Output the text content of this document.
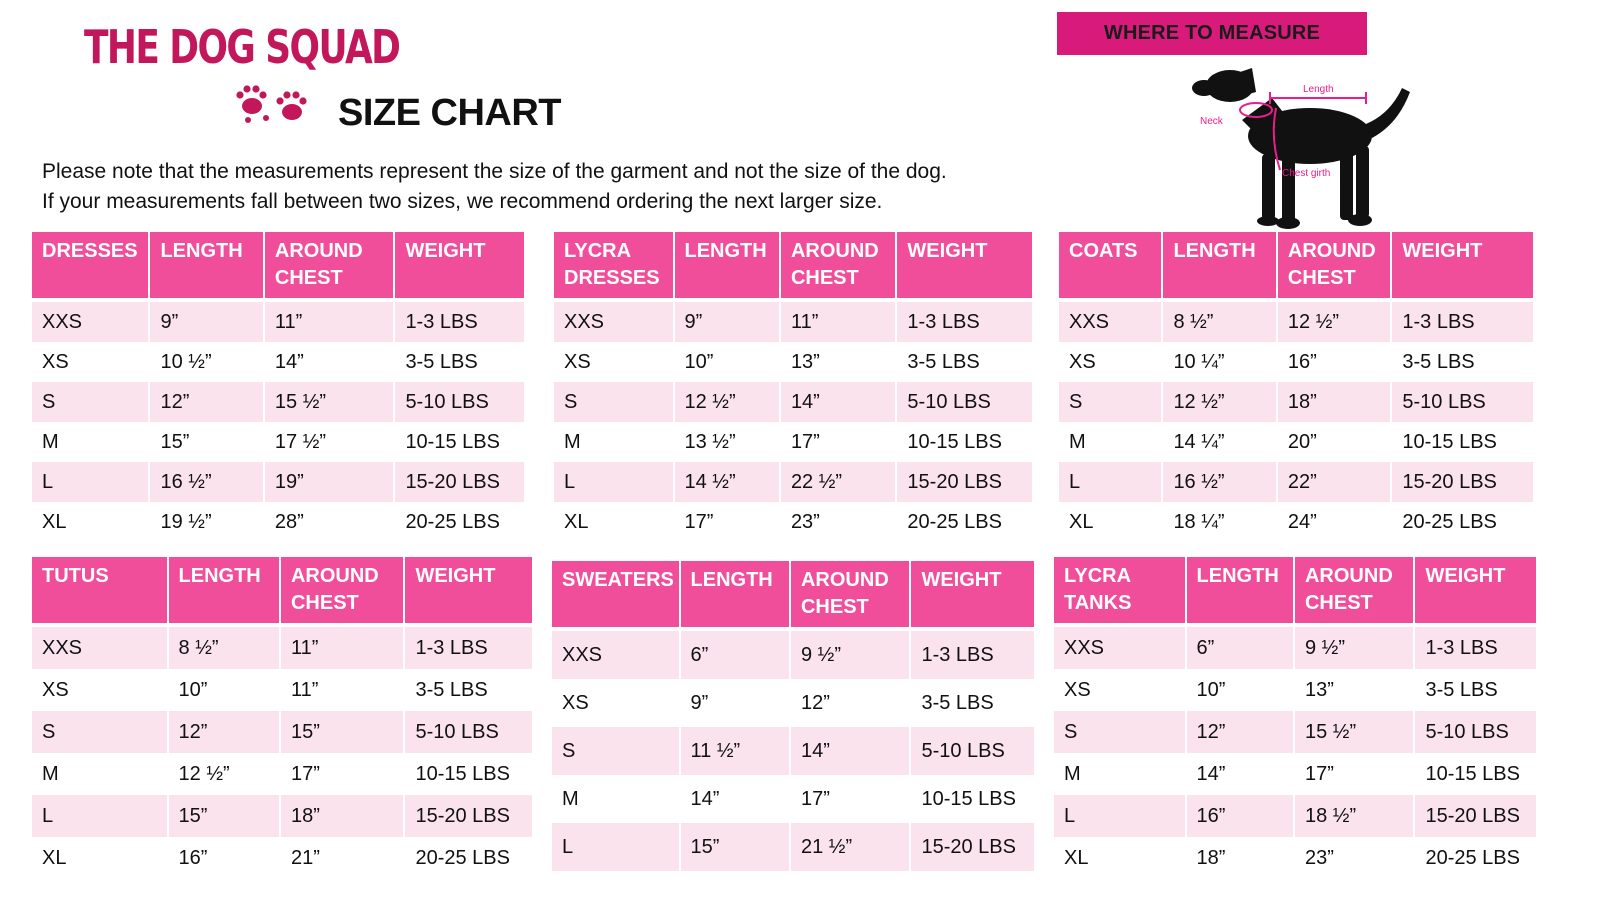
THE DOG SQUAD
SIZE CHART
Please note that the measurements represent the size of the garment and not the size of the dog.
If your measurements fall between two sizes, we recommend ordering the next larger size.
WHERE TO MEASURE
Length
Neck
Chest girth
DRESSES	LENGTH	AROUND CHEST	WEIGHT
XXS	9”	11”	1-3 LBS
XS	10 ½”	14”	3-5 LBS
S	12”	15 ½”	5-10 LBS
M	15”	17 ½”	10-15 LBS
L	16 ½”	19”	15-20 LBS
XL	19 ½”	28”	20-25 LBS
LYCRA DRESSES	LENGTH	AROUND CHEST	WEIGHT
XXS	9”	11”	1-3 LBS
XS	10”	13”	3-5 LBS
S	12 ½”	14”	5-10 LBS
M	13 ½”	17”	10-15 LBS
L	14 ½”	22 ½”	15-20 LBS
XL	17”	23”	20-25 LBS
COATS	LENGTH	AROUND CHEST	WEIGHT
XXS	8 ½”	12 ½”	1-3 LBS
XS	10 ¼”	16”	3-5 LBS
S	12 ½”	18”	5-10 LBS
M	14 ¼”	20”	10-15 LBS
L	16 ½”	22”	15-20 LBS
XL	18 ¼”	24”	20-25 LBS
TUTUS	LENGTH	AROUND CHEST	WEIGHT
XXS	8 ½”	11”	1-3 LBS
XS	10”	11”	3-5 LBS
S	12”	15”	5-10 LBS
M	12 ½”	17”	10-15 LBS
L	15”	18”	15-20 LBS
XL	16”	21”	20-25 LBS
SWEATERS	LENGTH	AROUND CHEST	WEIGHT
XXS	6”	9 ½”	1-3 LBS
XS	9”	12”	3-5 LBS
S	11 ½”	14”	5-10 LBS
M	14”	17”	10-15 LBS
L	15”	21 ½”	15-20 LBS
LYCRA TANKS	LENGTH	AROUND CHEST	WEIGHT
XXS	6”	9 ½”	1-3 LBS
XS	10”	13”	3-5 LBS
S	12”	15 ½”	5-10 LBS
M	14”	17”	10-15 LBS
L	16”	18 ½”	15-20 LBS
XL	18”	23”	20-25 LBS
